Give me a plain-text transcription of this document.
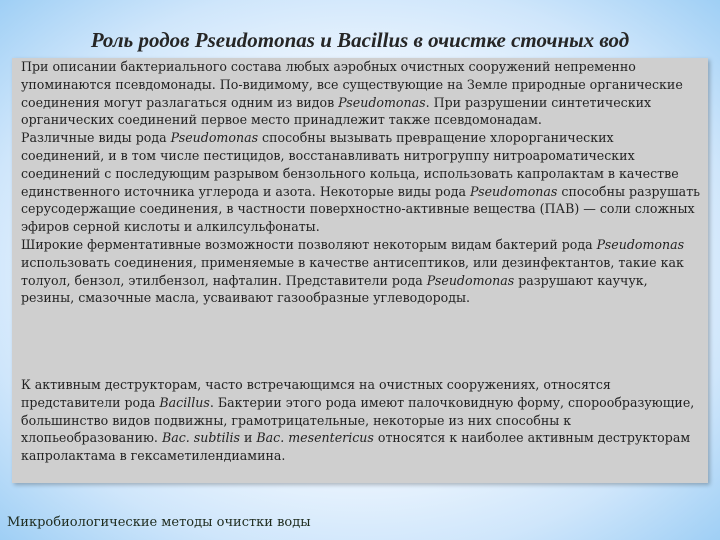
Роль родов Pseudomonas и Bacillus в очистке сточных вод

При описании бактериального состава любых аэробных очистных сооружений непременно упоминаются псевдомонады. По-видимому, все существующие на Земле природные органические соединения могут разлагаться одним из видов Pseudomonas. При разрушении синтетических органических соединений первое место принадлежит также псевдомонадам.

Различные виды рода Pseudomonas способны вызывать превращение хлорорганических соединений, и в том числе пестицидов, восстанавливать нитрогруппу нитроароматических соединений с последующим разрывом бензольного кольца, использовать капролактам в качестве единственного источника углерода и азота. Некоторые виды рода Pseudomonas способны разрушать серусодержащие соединения, в частности поверхностно-активные вещества (ПАВ) — соли сложных эфиров серной кислоты и алкилсульфонаты.

Широкие ферментативные возможности позволяют некоторым видам бактерий рода Pseudomonas использовать соединения, применяемые в качестве антисептиков, или дезинфектантов, такие как толуол, бензол, этилбензол, нафталин. Представители рода Pseudomonas разрушают каучук, резины, смазочные масла, усваивают газообразные углеводороды.

К активным деструкторам, часто встречающимся на очистных сооружениях, относятся представители рода Bacillus. Бактерии этого рода имеют палочковидную форму, спорообразующие, большинство видов подвижны, грамотрицательные, некоторые из них способны к хлопьеобразованию. Bac. subtilis и Bac. mesentericus относятся к наиболее активным деструкторам капролактама в гексаметилендиамина.

Микробиологические методы очистки воды
